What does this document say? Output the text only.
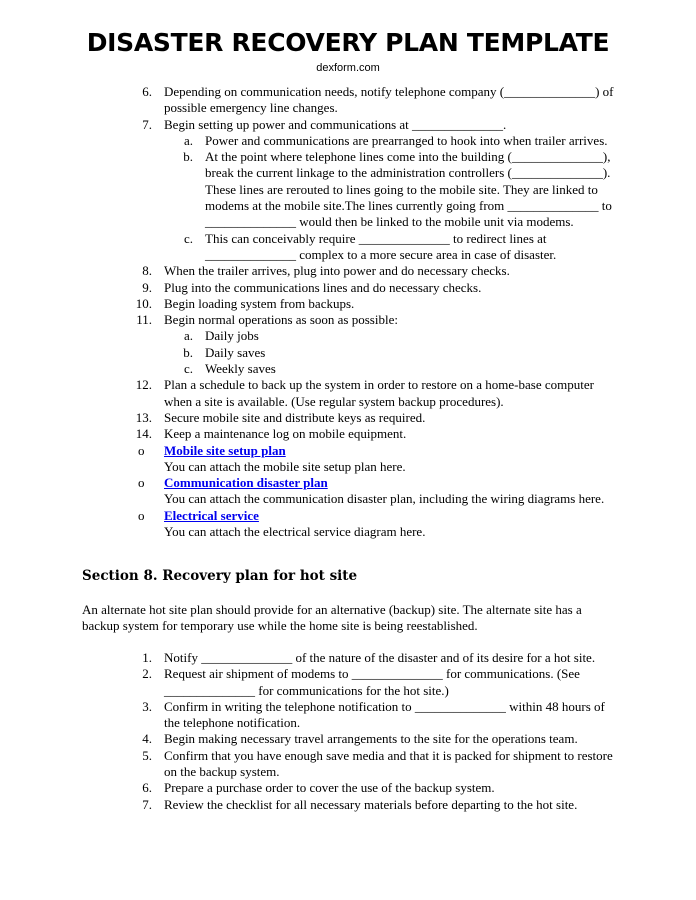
DISASTER RECOVERY PLAN TEMPLATE
dexform.com
6. Depending on communication needs, notify telephone company (______________) of possible emergency line changes.
7. Begin setting up power and communications at ______________.
a. Power and communications are prearranged to hook into when trailer arrives.
b. At the point where telephone lines come into the building (______________), break the current linkage to the administration controllers (______________). These lines are rerouted to lines going to the mobile site. They are linked to modems at the mobile site.The lines currently going from ______________ to ______________ would then be linked to the mobile unit via modems.
c. This can conceivably require ______________ to redirect lines at ______________ complex to a more secure area in case of disaster.
8. When the trailer arrives, plug into power and do necessary checks.
9. Plug into the communications lines and do necessary checks.
10. Begin loading system from backups.
11. Begin normal operations as soon as possible:
a. Daily jobs
b. Daily saves
c. Weekly saves
12. Plan a schedule to back up the system in order to restore on a home-base computer when a site is available. (Use regular system backup procedures).
13. Secure mobile site and distribute keys as required.
14. Keep a maintenance log on mobile equipment.
o	Mobile site setup plan
You can attach the mobile site setup plan here.
o	Communication disaster plan
You can attach the communication disaster plan, including the wiring diagrams here.
o	Electrical service
You can attach the electrical service diagram here.
Section 8. Recovery plan for hot site

An alternate hot site plan should provide for an alternative (backup) site. The alternate site has a backup system for temporary use while the home site is being reestablished.

1. Notify ______________ of the nature of the disaster and of its desire for a hot site.
2. Request air shipment of modems to ______________ for communications. (See ______________ for communications for the hot site.)
3. Confirm in writing the telephone notification to ______________ within 48 hours of the telephone notification.
4. Begin making necessary travel arrangements to the site for the operations team.
5. Confirm that you have enough save media and that it is packed for shipment to restore on the backup system.
6. Prepare a purchase order to cover the use of the backup system.
7. Review the checklist for all necessary materials before departing to the hot site.
